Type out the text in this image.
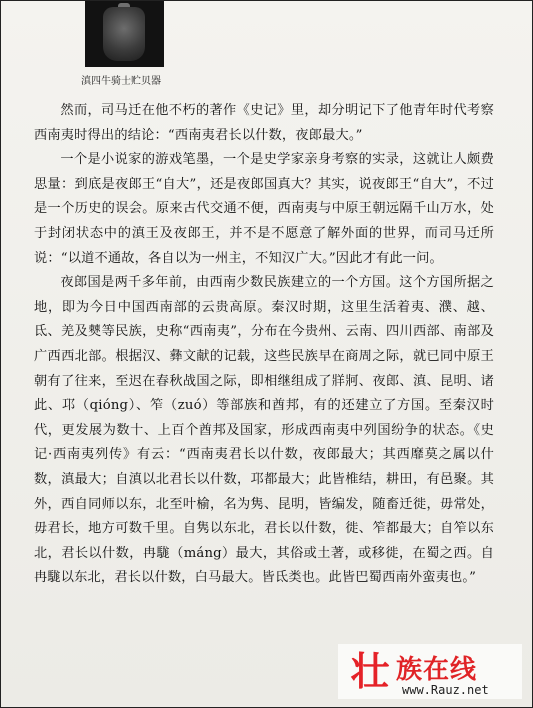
滇四牛骑士贮贝器

然而，司马迁在他不朽的著作《史记》里，却分明记下了他青年时代考察西南夷时得出的结论：“西南夷君长以什数，夜郎最大。”

一个是小说家的游戏笔墨，一个是史学家亲身考察的实录，这就让人颇费思量：到底是夜郎王“自大”，还是夜郎国真大？其实，说夜郎王“自大”，不过是一个历史的误会。原来古代交通不便，西南夷与中原王朝远隔千山万水，处于封闭状态中的滇王及夜郎王，并不是不愿意了解外面的世界，而司马迁所说：“以道不通故，各自以为一州主，不知汉广大。”因此才有此一问。

夜郎国是两千多年前，由西南少数民族建立的一个方国。这个方国所据之地，即为今日中国西南部的云贵高原。秦汉时期，这里生活着夷、濮、越、氐、羌及僰等民族，史称“西南夷”，分布在今贵州、云南、四川西部、南部及广西西北部。根据汉、彝文献的记载，这些民族早在商周之际，就已同中原王朝有了往来，至迟在春秋战国之际，即相继组成了牂牁、夜郎、滇、昆明、诸此、邛（qióng）、笮（zuó）等部族和酋邦，有的还建立了方国。至秦汉时代，更发展为数十、上百个酋邦及国家，形成西南夷中列国纷争的状态。《史记·西南夷列传》有云：“西南夷君长以什数，夜郎最大；其西靡莫之属以什数，滇最大；自滇以北君长以什数，邛都最大；此皆椎结，耕田，有邑聚。其外，西自同师以东，北至叶榆，名为隽、昆明，皆编发，随畜迁徙，毋常处，毋君长，地方可数千里。自隽以东北，君长以什数，徙、笮都最大；自笮以东北，君长以什数，冉駹（máng）最大，其俗或土著，或移徙，在蜀之西。自冉駹以东北，君长以什数，白马最大。皆氐类也。此皆巴蜀西南外蛮夷也。”

壮 族在线
www.Rauz.net
